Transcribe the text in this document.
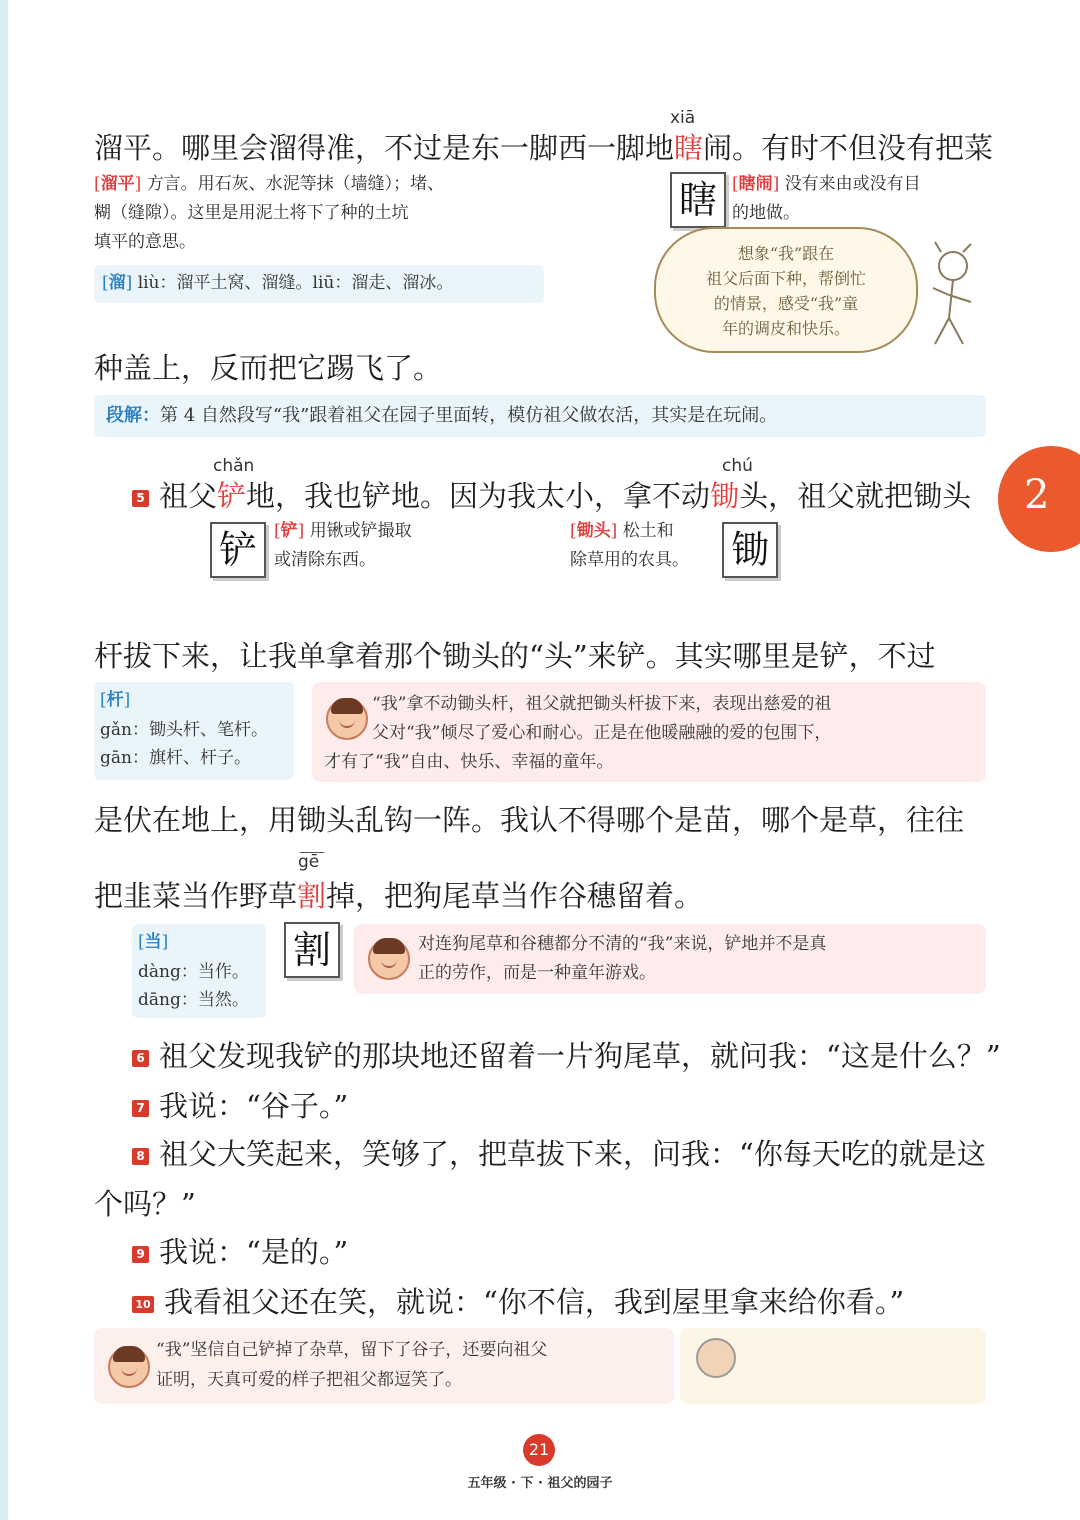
xiā
溜平。哪里会溜得准，不过是东一脚西一脚地瞎闹。有时不但没有把菜
[溜平] 方言。用石灰、水泥等抹（墙缝）；堵、
糊（缝隙）。这里是用泥土将下了种的土坑
填平的意思。
瞎 [瞎闹] 没有来由或没有目
的地做。
[溜] liù：溜平土窝、溜缝。liū：溜走、溜冰。
想象“我”跟在
祖父后面下种，帮倒忙
的情景，感受“我”童
年的调皮和快乐。
种盖上，反而把它踢飞了。
段解：第 4 自然段写“我”跟着祖父在园子里面转，模仿祖父做农活，其实是在玩闹。
2
chǎn	chú
5 祖父铲地，我也铲地。因为我太小，拿不动锄头，祖父就把锄头
铲	[铲] 用锹或铲撮取
或清除东西。
[锄头] 松土和
除草用的农具。	锄
杆拔下来，让我单拿着那个锄头的“头”来铲。其实哪里是铲，不过
[杆]
gǎn：锄头杆、笔杆。
gān：旗杆、杆子。
“我”拿不动锄头杆，祖父就把锄头杆拔下来，表现出慈爱的祖
父对“我”倾尽了爱心和耐心。正是在他暖融融的爱的包围下，
才有了“我”自由、快乐、幸福的童年。
是伏在地上，用锄头乱钩一阵。我认不得哪个是苗，哪个是草，往往
gē
把韭菜当作野草割掉，把狗尾草当作谷穗留着。
[当]
dàng：当作。
dāng：当然。
割	对连狗尾草和谷穗都分不清的“我”来说，铲地并不是真
正的劳作，而是一种童年游戏。
6 祖父发现我铲的那块地还留着一片狗尾草，就问我：“这是什么？”
7 我说：“谷子。”
8 祖父大笑起来，笑够了，把草拔下来，问我：“你每天吃的就是这
个吗？”
9 我说：“是的。”
10 我看祖父还在笑，就说：“你不信，我到屋里拿来给你看。”
“我”坚信自己铲掉了杂草，留下了谷子，还要向祖父
证明，天真可爱的样子把祖父都逗笑了。
21
五年级 · 下 · 祖父的园子
